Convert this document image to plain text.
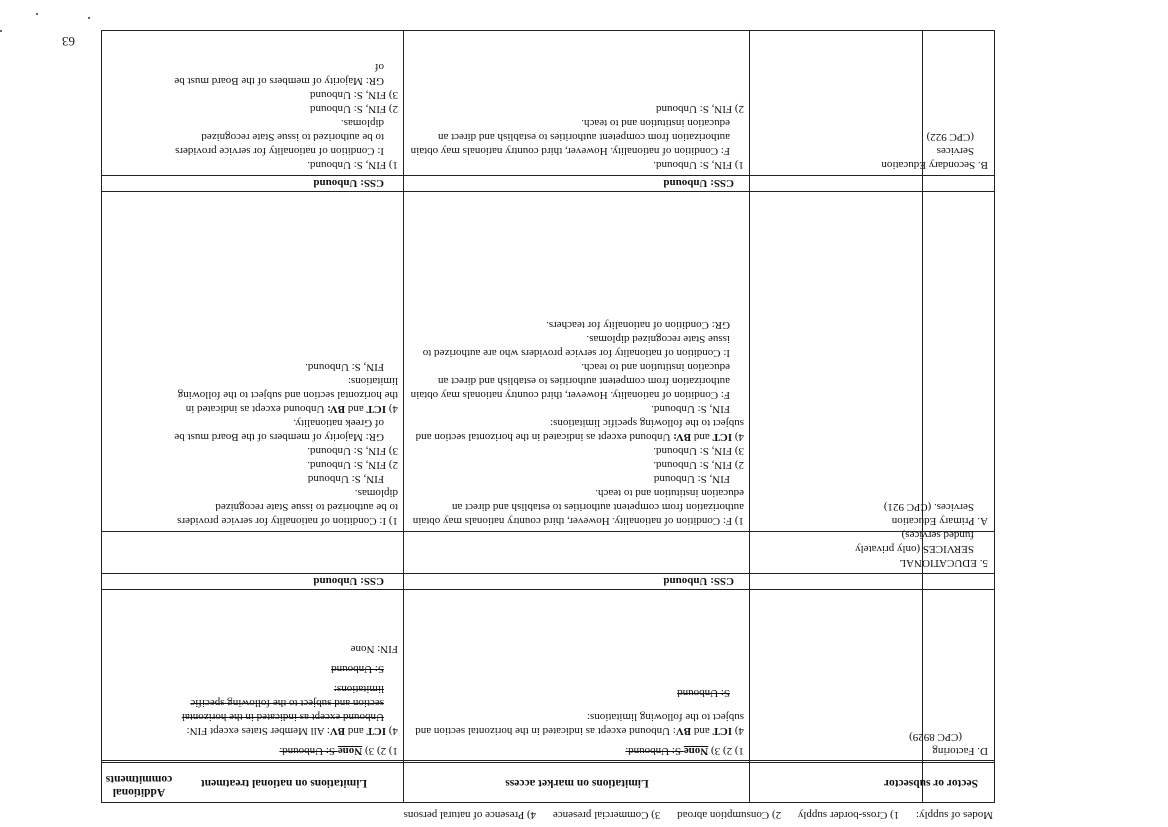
63
Modes of supply: 1) Cross-border supply 2) Consumption abroad 3) Commercial presence 4) Presence of natural persons
Sector or subsector
Limitations on market access
Limitations on national treatment
Additional commitments

D. Factoring

(CPC 8929)

1) 2) 3) None S: Unbound.

4) ICT and BV: Unbound except as indicated in the horizontal section and subject to the following limitations:

S: Unbound

1) 2) 3) None S: Unbound.

4) ICT and BV: All Member States except FIN:

Unbound except as indicated in the horizontal section and subject to the following specific limitations:

S: Unbound

FIN: None

CSS: Unbound
CSS: Unbound

5. EDUCATIONAL

SERVICES (only privately

funded services)

A. Primary Education

Services. (CPC 921)

1) F: Condition of nationality. However, third country nationals may obtain authorization from competent authorities to establish and direct an education institution and to teach.

FIN, S: Unbound

2) FIN, S: Unbound.

3) FIN, S: Unbound.

4) ICT and BV: Unbound except as indicated in the horizontal section and subject to the following specific limitations:

FIN, S: Unbound.

F: Condition of nationality. However, third country nationals may obtain authorization from competent authorities to establish and direct an education institution and to teach.

I: Condition of nationality for service providers who are authorized to issue State recognized diplomas.

GR: Condition of nationality for teachers.

1) I: Condition of nationality for service providers to be authorized to issue State recognized diplomas.

FIN, S: Unbound

2) FIN, S: Unbound.

3) FIN, S: Unbound.

GR: Majority of members of the Board must be of Greek nationality.

4) ICT and BV: Unbound except as indicated in the horizontal section and subject to the following limitations:

FIN, S: Unbound.

CSS: Unbound
CSS: Unbound

B. Secondary Education

Services

(CPC 922)

1) FIN, S: Unbound.

F: Condition of nationality. However, third country nationals may obtain authorization from competent authorities to establish and direct an education institution and to teach.

2) FIN, S: Unbound

1) FIN, S: Unbound.

I: Condition of nationality for service providers to be authorized to issue State recognized diplomas.

2) FIN, S: Unbound

3) FIN, S: Unbound

GR: Majority of members of the Board must be of
